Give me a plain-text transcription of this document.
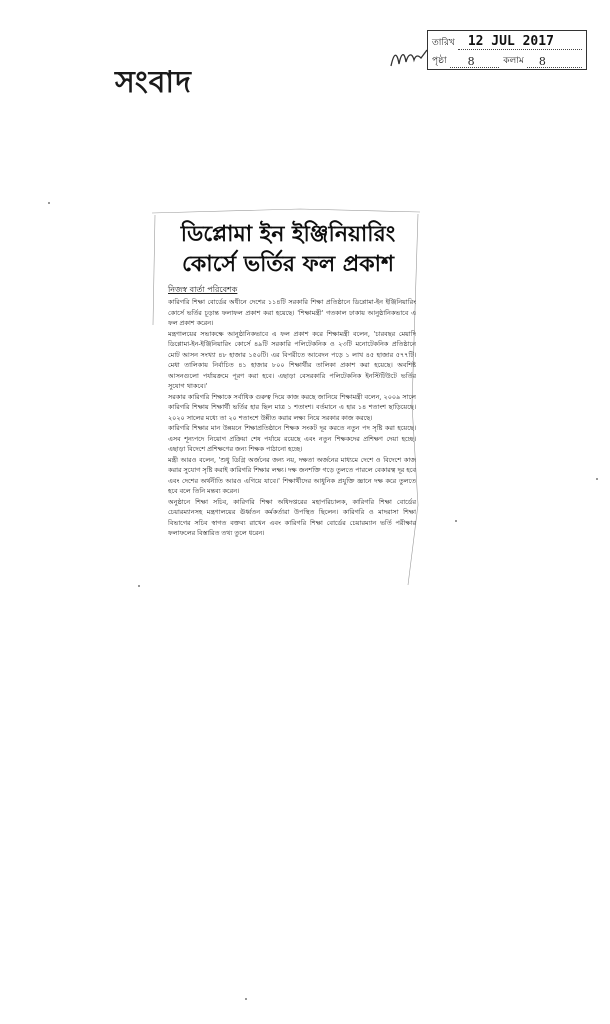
সংবাদ
তারিখ 12 JUL 2017
পৃষ্ঠা 8	কলাম 8
ডিপ্লোমা ইন ইঞ্জিনিয়ারিং
কোর্সে ভর্তির ফল প্রকাশ
নিজস্ব বার্তা পরিবেশক

কারিগরি শিক্ষা বোর্ডের অধীনে দেশের ১১৪টি সরকারি শিক্ষা প্রতিষ্ঠানে ডিপ্লোমা-ইন ইঞ্জিনিয়ারিং কোর্সে ভর্তির চূড়ান্ত ফলাফল প্রকাশ করা হয়েছে। 'শিক্ষামন্ত্রী' গতকাল ঢাকায় আনুষ্ঠানিকভাবে এ ফল প্রকাশ করেন।

মন্ত্রণালয়ের সভাকক্ষে আনুষ্ঠানিকভাবে এ ফল প্রকাশ করে শিক্ষামন্ত্রী বলেন, 'চারবছর মেয়াদি ডিপ্লোমা-ইন-ইঞ্জিনিয়ারিং কোর্সে ৪৯টি সরকারি পলিটেকনিক ও ২৩টি মনোটেকনিক প্রতিষ্ঠানে মোট আসন সংখ্যা ৪৮ হাজার ১৫০টি। এর বিপরীতে আবেদন পড়ে ১ লাখ ৪৫ হাজার ৫৭৭টি। মেধা তালিকায় নির্বাচিত ৪১ হাজার ৮০০ শিক্ষার্থীর তালিকা প্রকাশ করা হয়েছে। অবশিষ্ট আসনগুলো পর্যায়ক্রমে পূরণ করা হবে। এছাড়া বেসরকারি পলিটেকনিক ইনস্টিটিউটে ভর্তির সুযোগ থাকবে।'

সরকার কারিগরি শিক্ষাকে সর্বাধিক গুরুত্ব দিয়ে কাজ করছে জানিয়ে শিক্ষামন্ত্রী বলেন, ২০০৯ সালে কারিগরি শিক্ষায় শিক্ষার্থী ভর্তির হার ছিল মাত্র ১ শতাংশ। বর্তমানে এ হার ১৪ শতাংশ ছাড়িয়েছে। ২০২০ সালের মধ্যে তা ২০ শতাংশে উন্নীত করার লক্ষ্য নিয়ে সরকার কাজ করছে।

কারিগরি শিক্ষার মান উন্নয়নে শিক্ষাপ্রতিষ্ঠানে শিক্ষক সংকট দূর করতে নতুন পদ সৃষ্টি করা হয়েছে। এসব শূন্যপদে নিয়োগ প্রক্রিয়া শেষ পর্যায়ে রয়েছে এবং নতুন শিক্ষকদের প্রশিক্ষণ দেয়া হচ্ছে। এছাড়া বিদেশে প্রশিক্ষণের জন্য শিক্ষক পাঠানো হচ্ছে।

মন্ত্রী আরও বলেন, 'শুধু ডিগ্রি অর্জনের জন্য নয়, দক্ষতা অর্জনের মাধ্যমে দেশে ও বিদেশে কাজ করার সুযোগ সৃষ্টি করাই কারিগরি শিক্ষার লক্ষ্য। দক্ষ জনশক্তি গড়ে তুলতে পারলে বেকারত্ব দূর হবে এবং দেশের অর্থনীতি আরও এগিয়ে যাবে।' শিক্ষার্থীদের আধুনিক প্রযুক্তি জ্ঞানে দক্ষ করে তুলতে হবে বলে তিনি মন্তব্য করেন।

অনুষ্ঠানে শিক্ষা সচিব, কারিগরি শিক্ষা অধিদপ্তরের মহাপরিচালক, কারিগরি শিক্ষা বোর্ডের চেয়ারম্যানসহ মন্ত্রণালয়ের ঊর্ধ্বতন কর্মকর্তারা উপস্থিত ছিলেন। কারিগরি ও মাদরাসা শিক্ষা বিভাগের সচিব স্বাগত বক্তব্য রাখেন এবং কারিগরি শিক্ষা বোর্ডের চেয়ারম্যান ভর্তি পরীক্ষার ফলাফলের বিস্তারিত তথ্য তুলে ধরেন।
